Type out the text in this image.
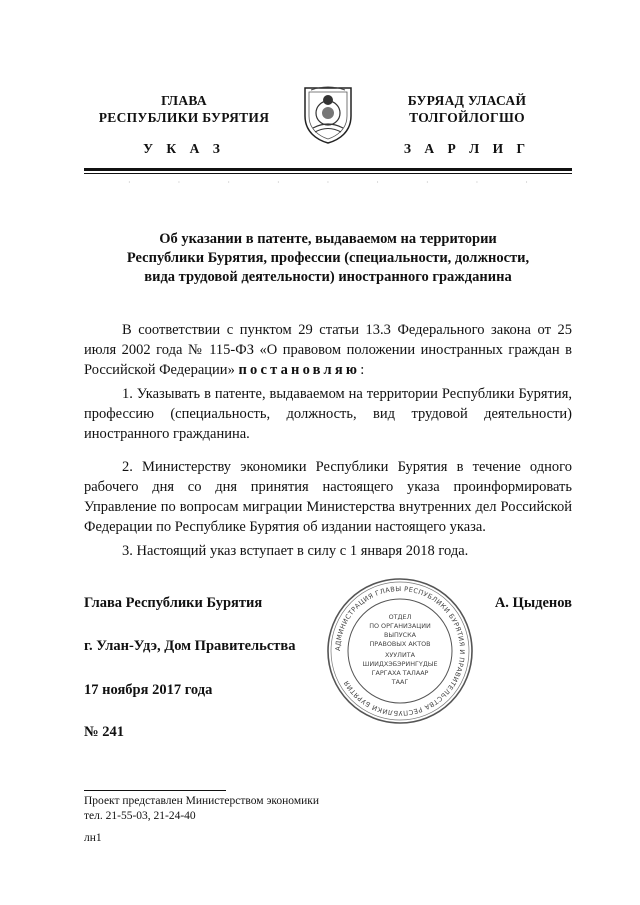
ГЛАВА
РЕСПУБЛИКИ БУРЯТИЯ
У К А З
БУРЯАД УЛАСАЙ
ТОЛГОЙЛОГШО
З А Р Л И Г
·	·	·	·	·	·	·	·	·
Об указании в патенте, выдаваемом на территории
Республики Бурятия, профессии (специальности, должности,
вида трудовой деятельности) иностранного гражданина
В соответствии с пунктом 29 статьи 13.3 Федерального закона от 25 июля 2002 года № 115-ФЗ «О правовом положении иностранных граждан в Российской Федерации» постановляю:
1. Указывать в патенте, выдаваемом на территории Республики Бурятия, профессию (специальность, должность, вид трудовой деятельности) иностранного гражданина.
2. Министерству экономики Республики Бурятия в течение одного рабочего дня со дня принятия настоящего указа проинформировать Управление по вопросам миграции Министерства внутренних дел Российской Федерации по Республике Бурятия об издании настоящего указа.
3. Настоящий указ вступает в силу с 1 января 2018 года.
Глава Республики Бурятия	А. Цыденов
г. Улан-Удэ, Дом Правительства
17 ноября 2017 года
№ 241
АДМИНИСТРАЦИЯ ГЛАВЫ РЕСПУБЛИКИ БУРЯТИЯ И ПРАВИТЕЛЬСТВА РЕСПУБЛИКИ БУРЯТИЯ
ОТДЕЛ
ПО ОРГАНИЗАЦИИ
ВЫПУСКА
ПРАВОВЫХ АКТОВ
ХУУЛИТА
ШИИДХЭБЭРИНГҮДЫЕ
ГАРГАХА ТАЛААР
ТААГ
Проект представлен Министерством экономики
тел. 21-55-03, 21-24-40
лн1
